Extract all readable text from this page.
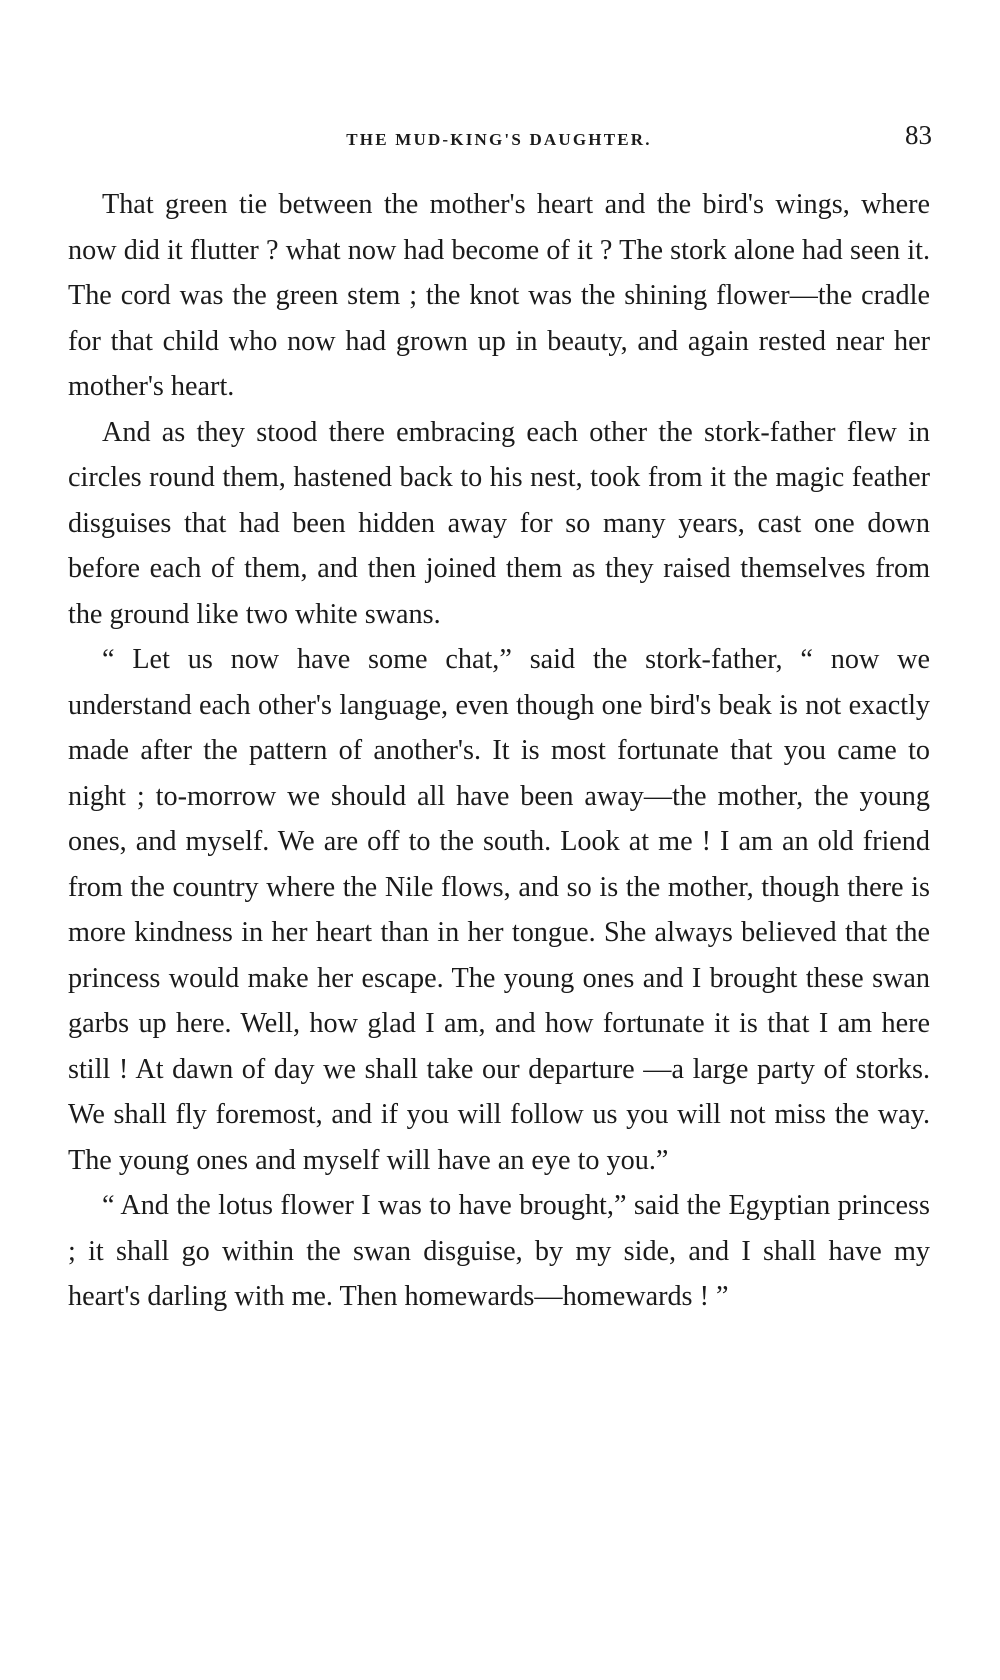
THE MUD-KING'S DAUGHTER.	83

That green tie between the mother's heart and the bird's wings, where now did it flutter ? what now had become of it ? The stork alone had seen it. The cord was the green stem ; the knot was the shining flower—the cradle for that child who now had grown up in beauty, and again rested near her mother's heart.

And as they stood there embracing each other the stork-father flew in circles round them, hastened back to his nest, took from it the magic feather disguises that had been hidden away for so many years, cast one down before each of them, and then joined them as they raised themselves from the ground like two white swans.

“ Let us now have some chat,” said the stork-father, “ now we understand each other's language, even though one bird's beak is not exactly made after the pattern of another's. It is most fortunate that you came to night ; to-morrow we should all have been away—the mother, the young ones, and myself. We are off to the south. Look at me ! I am an old friend from the country where the Nile flows, and so is the mother, though there is more kindness in her heart than in her tongue. She always believed that the princess would make her escape. The young ones and I brought these swan garbs up here. Well, how glad I am, and how fortunate it is that I am here still ! At dawn of day we shall take our departure —a large party of storks. We shall fly foremost, and if you will follow us you will not miss the way. The young ones and myself will have an eye to you.”

“ And the lotus flower I was to have brought,” said the Egyptian princess ; it shall go within the swan disguise, by my side, and I shall have my heart's darling with me. Then homewards—homewards ! ”
